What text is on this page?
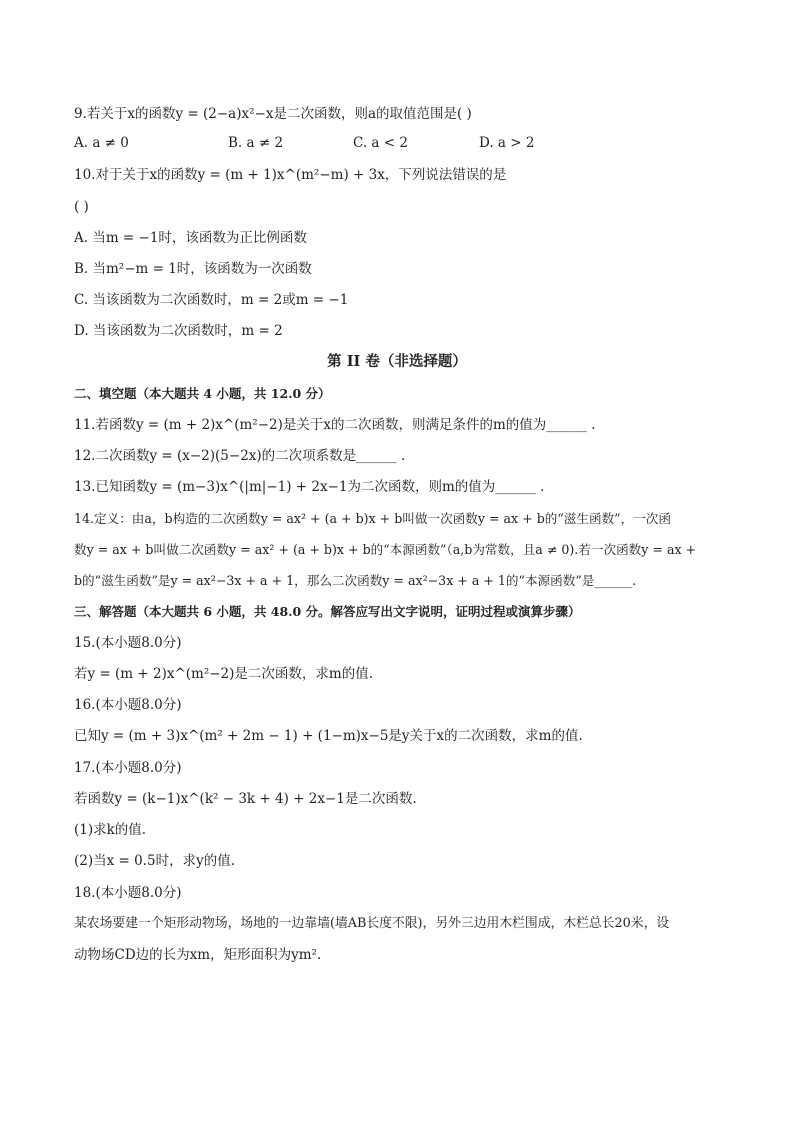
9.若关于x的函数y = (2−a)x²−x是二次函数，则a的取值范围是( )
A. a ≠ 0	B. a ≠ 2	C. a < 2	D. a > 2
10.对于关于x的函数y = (m + 1)x^(m²−m) + 3x，下列说法错误的是
( )
A. 当m = −1时，该函数为正比例函数
B. 当m²−m = 1时，该函数为一次函数
C. 当该函数为二次函数时，m = 2或m = −1
D. 当该函数为二次函数时，m = 2
第 II 卷（非选择题）
二、填空题（本大题共 4 小题，共 12.0 分）
11.若函数y = (m + 2)x^(m²−2)是关于x的二次函数，则满足条件的m的值为______ .
12.二次函数y = (x−2)(5−2x)的二次项系数是______ .
13.已知函数y = (m−3)x^(|m|−1) + 2x−1为二次函数，则m的值为______ .
14.定义：由a，b构造的二次函数y = ax² + (a + b)x + b叫做一次函数y = ax + b的“滋生函数”，一次函
数y = ax + b叫做二次函数y = ax² + (a + b)x + b的“本源函数”（a,b为常数，且a ≠ 0).若一次函数y = ax +
b的“滋生函数”是y = ax²−3x + a + 1，那么二次函数y = ax²−3x + a + 1的“本源函数”是______.
三、解答题（本大题共 6 小题，共 48.0 分。解答应写出文字说明，证明过程或演算步骤）
15.(本小题8.0分)
若y = (m + 2)x^(m²−2)是二次函数，求m的值.
16.(本小题8.0分)
已知y = (m + 3)x^(m² + 2m − 1) + (1−m)x−5是y关于x的二次函数，求m的值.
17.(本小题8.0分)
若函数y = (k−1)x^(k² − 3k + 4) + 2x−1是二次函数.
(1)求k的值.
(2)当x = 0.5时，求y的值.
18.(本小题8.0分)
某农场要建一个矩形动物场，场地的一边靠墙(墙AB长度不限)，另外三边用木栏围成，木栏总长20米，设
动物场CD边的长为xm，矩形面积为ym².
